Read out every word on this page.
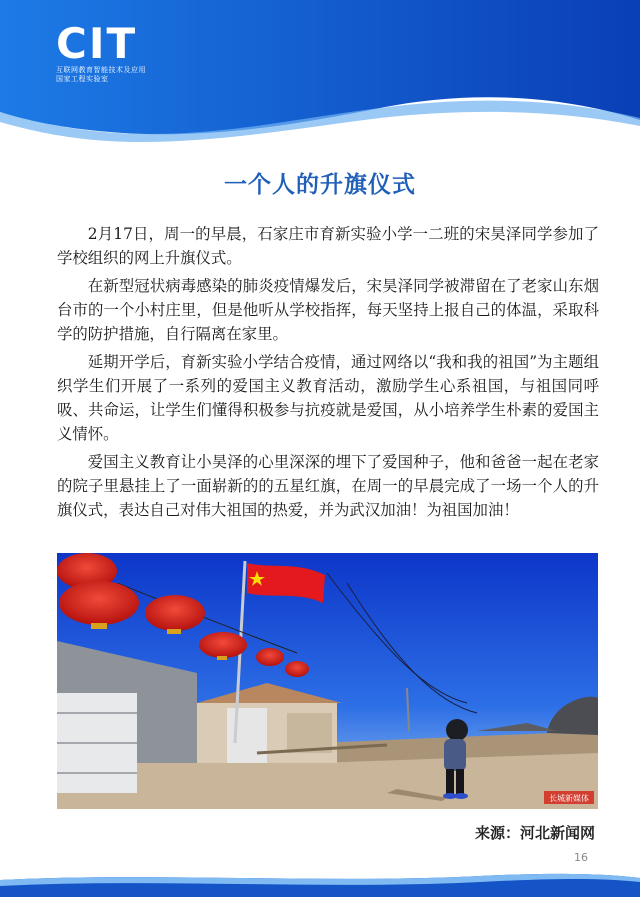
CIT
互联网教育智能技术及应用
国家工程实验室
一个人的升旗仪式

2月17日，周一的早晨，石家庄市育新实验小学一二班的宋昊泽同学参加了学校组织的网上升旗仪式。

在新型冠状病毒感染的肺炎疫情爆发后，宋昊泽同学被滞留在了老家山东烟台市的一个小村庄里，但是他听从学校指挥，每天坚持上报自己的体温，采取科学的防护措施，自行隔离在家里。

延期开学后，育新实验小学结合疫情，通过网络以“我和我的祖国”为主题组织学生们开展了一系列的爱国主义教育活动，激励学生心系祖国，与祖国同呼吸、共命运，让学生们懂得积极参与抗疫就是爱国，从小培养学生朴素的爱国主义情怀。

爱国主义教育让小昊泽的心里深深的埋下了爱国种子，他和爸爸一起在老家的院子里悬挂上了一面崭新的的五星红旗，在周一的早晨完成了一场一个人的升旗仪式，表达自己对伟大祖国的热爱，并为武汉加油！为祖国加油！

长城新媒体
来源：河北新闻网
16
